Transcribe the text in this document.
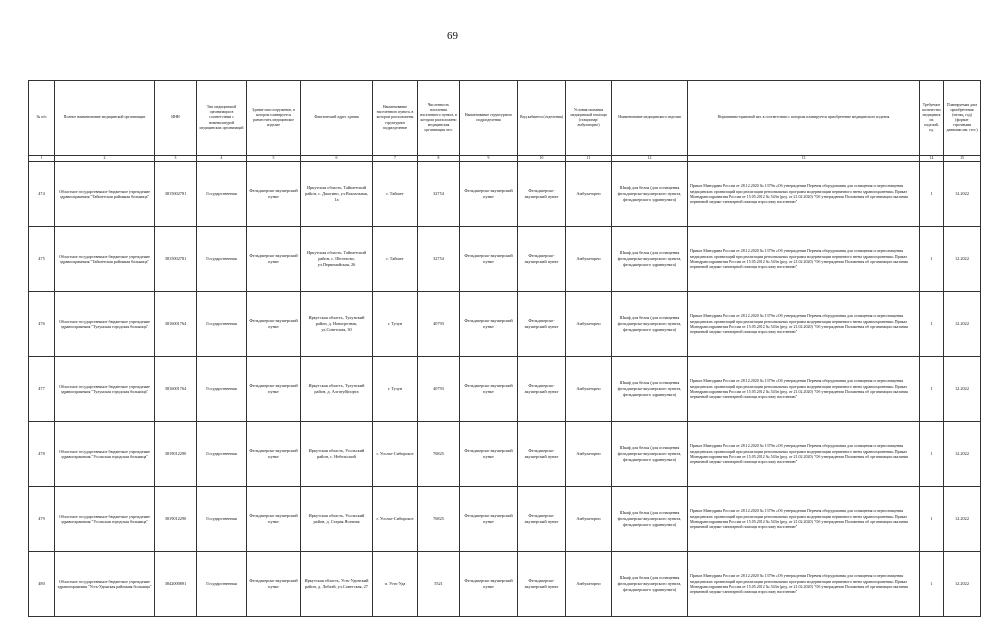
69
№ п/п	Полное наименование медицинской организации	ИНН	Тип медицинской организации в соответствии с номенклатурой медицинских организаций	Здание или сооружение, в котором планируется разместить медицинское изделие	Фактический адрес здания	Наименование населенного пункта, в котором расположены структурное подразделение	Численность населения населенного пункта, в котором расположено медицинская организация чел.	Наименование структурного подразделения	Вид кабинета (отделения)	Условия оказания медицинской помощи (стационар/амбулаторно)	Наименование медицинского изделия	Нормативно-правовой акт, в соответствии с которым планируется приобретение медицинского изделия	Требуемое количество медицинских изделий, ед.	Планируемая дата приобретения (месяц, год) (формат строчными данными мм. гггг.)
1	2	3	4	5	6	7	8	9	10	11	12	13	14	15
474	Областное государственное бюджетное учреждение здравоохранения "Тайшетская районная больница"	3815002781	Государственная	Фельдшерско-акушерский пункт	Иркутская область, Тайшетский район, с. Джогино, ул.Вокзальная, 1а	г. Тайшет	32754	Фельдшерско-акушерский пункт	Фельдшерско-акушерский пункт	Амбулаторно	Шкаф для белья (для оснащения фельдшерско-акушерского пункта, фельдшерского здравпункта)	Приказ Минздрава России от 28.12.2020 № 1379н «Об утверждении Перечня оборудования для оснащения и переоснащения медицинских организаций при реализации региональных программ модернизации первичного звена здравоохранения» Приказ Минздравсоцразвития России от 15.05.2012 № 543н (ред. от 21.02.2020) "Об утверждении Положения об организации оказания первичной медико-санитарной помощи взрослому населению"	1	12.2022
475	Областное государственное бюджетное учреждение здравоохранения "Тайшетская районная больница"	3815002781	Государственная	Фельдшерско-акушерский пункт	Иркутская область, Тайшетский район, с. Шелехово, ул.Первомайская, 26	г. Тайшет	32754	Фельдшерско-акушерский пункт	Фельдшерско-акушерский пункт	Амбулаторно	Шкаф для белья (для оснащения фельдшерско-акушерского пункта, фельдшерского здравпункта)	Приказ Минздрава России от 28.12.2020 № 1379н «Об утверждении Перечня оборудования для оснащения и переоснащения медицинских организаций при реализации региональных программ модернизации первичного звена здравоохранения» Приказ Минздравсоцразвития России от 15.05.2012 № 543н (ред. от 21.02.2020) "Об утверждении Положения об организации оказания первичной медико-санитарной помощи взрослому населению"	1	12.2022
476	Областное государственное бюджетное учреждение здравоохранения "Тулунская городская больница"	3816001764	Государственная	Фельдшерско-акушерский пункт	Иркутская область, Тулунский район, д. Новогрезнак, ул.Советская, 30	г. Тулун	40793	Фельдшерско-акушерский пункт	Фельдшерско-акушерский пункт	Амбулаторно	Шкаф для белья (для оснащения фельдшерско-акушерского пункта, фельдшерского здравпункта)	Приказ Минздрава России от 28.12.2020 № 1379н «Об утверждении Перечня оборудования для оснащения и переоснащения медицинских организаций при реализации региональных программ модернизации первичного звена здравоохранения» Приказ Минздравсоцразвития России от 15.05.2012 № 543н (ред. от 21.02.2020) "Об утверждении Положения об организации оказания первичной медико-санитарной помощи взрослому населению"	1	12.2022
477	Областное государственное бюджетное учреждение здравоохранения "Тулунская городская больница"	3816001764	Государственная	Фельдшерско-акушерский пункт	Иркутская область, Тулунский район, д. Алгатуй(порта	г. Тулун	40793	Фельдшерско-акушерский пункт	Фельдшерско-акушерский пункт	Амбулаторно	Шкаф для белья (для оснащения фельдшерско-акушерского пункта, фельдшерского здравпункта)	Приказ Минздрава России от 28.12.2020 № 1379н «Об утверждении Перечня оборудования для оснащения и переоснащения медицинских организаций при реализации региональных программ модернизации первичного звена здравоохранения» Приказ Минздравсоцразвития России от 15.05.2012 № 543н (ред. от 21.02.2020) "Об утверждении Положения об организации оказания первичной медико-санитарной помощи взрослому населению"	1	12.2022
478	Областное государственное бюджетное учреждение здравоохранения "Усольская городская больница"	3819012290	Государственная	Фельдшерско-акушерский пункт	Иркутская область, Усольский район, с. Небельский	г. Усолье-Сибирское	76825	Фельдшерско-акушерский пункт	Фельдшерско-акушерский пункт	Амбулаторно	Шкаф для белья (для оснащения фельдшерско-акушерского пункта, фельдшерского здравпункта)	Приказ Минздрава России от 28.12.2020 № 1379н «Об утверждении Перечня оборудования для оснащения и переоснащения медицинских организаций при реализации региональных программ модернизации первичного звена здравоохранения» Приказ Минздравсоцразвития России от 15.05.2012 № 543н (ред. от 21.02.2020) "Об утверждении Положения об организации оказания первичной медико-санитарной помощи взрослому населению"	1	12.2022
479	Областное государственное бюджетное учреждение здравоохранения "Усольская городская больница"	3819012290	Государственная	Фельдшерско-акушерский пункт	Иркутская область, Усольский район, д. Старая Ясачная	г. Усолье-Сибирское	76825	Фельдшерско-акушерский пункт	Фельдшерско-акушерский пункт	Амбулаторно	Шкаф для белья (для оснащения фельдшерско-акушерского пункта, фельдшерского здравпункта)	Приказ Минздрава России от 28.12.2020 № 1379н «Об утверждении Перечня оборудования для оснащения и переоснащения медицинских организаций при реализации региональных программ модернизации первичного звена здравоохранения» Приказ Минздравсоцразвития России от 15.05.2012 № 543н (ред. от 21.02.2020) "Об утверждении Положения об организации оказания первичной медико-санитарной помощи взрослому населению"	1	12.2022
480	Областное государственное бюджетное учреждение здравоохранения "Усть-Удинская районная больница"	3842000891	Государственная	Фельдшерско-акушерский пункт	Иркутская область, Усть-Удинский район, д. Лобаэй, ул.Советская, 27	п. Усть-Уда	5521	Фельдшерско-акушерский пункт	Фельдшерско-акушерский пункт	Амбулаторно	Шкаф для белья (для оснащения фельдшерско-акушерского пункта, фельдшерского здравпункта)	Приказ Минздрава России от 28.12.2020 № 1379н «Об утверждении Перечня оборудования для оснащения и переоснащения медицинских организаций при реализации региональных программ модернизации первичного звена здравоохранения» Приказ Минздравсоцразвития России от 15.05.2012 № 543н (ред. от 21.02.2020) "Об утверждении Положения об организации оказания первичной медико-санитарной помощи взрослому населению"	1	12.2022
